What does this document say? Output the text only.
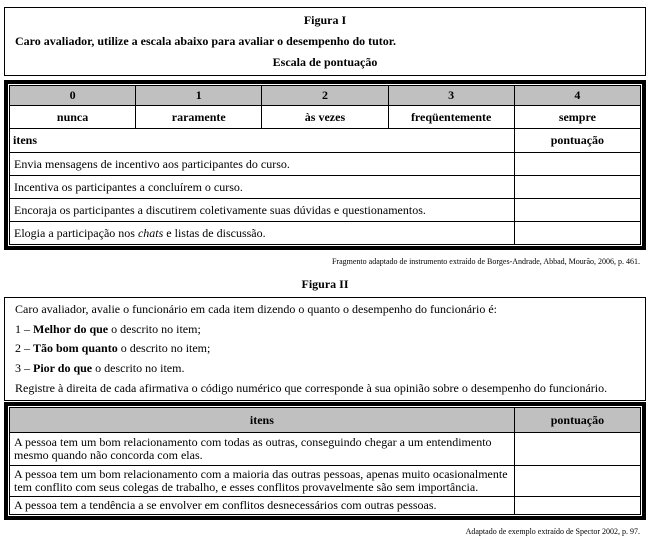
Figura I
Caro avaliador, utilize a escala abaixo para avaliar o desempenho do tutor.
Escala de pontuação
0	1	2	3	4
nunca	raramente	às vezes	freqüentemente	sempre
itens				pontuação
Envia mensagens de incentivo aos participantes do curso.				
Incentiva os participantes a concluírem o curso.				
Encoraja os participantes a discutirem coletivamente suas dúvidas e questionamentos.				
Elogia a participação nos chats e listas de discussão.				
Fragmento adaptado de instrumento extraído de Borges-Andrade, Abbad, Mourão, 2006, p. 461.
Figura II
Caro avaliador, avalie o funcionário em cada item dizendo o quanto o desempenho do funcionário é:
1 – Melhor do que o descrito no item;
2 – Tão bom quanto o descrito no item;
3 – Pior do que o descrito no item.
Registre à direita de cada afirmativa o código numérico que corresponde à sua opinião sobre o desempenho do funcionário.
itens	pontuação
A pessoa tem um bom relacionamento com todas as outras, conseguindo chegar a um entendimento mesmo quando não concorda com elas.	
A pessoa tem um bom relacionamento com a maioria das outras pessoas, apenas muito ocasionalmente tem conflito com seus colegas de trabalho, e esses conflitos provavelmente são sem importância.	
A pessoa tem a tendência a se envolver em conflitos desnecessários com outras pessoas.	
Adaptado de exemplo extraído de Spector 2002, p. 97.
